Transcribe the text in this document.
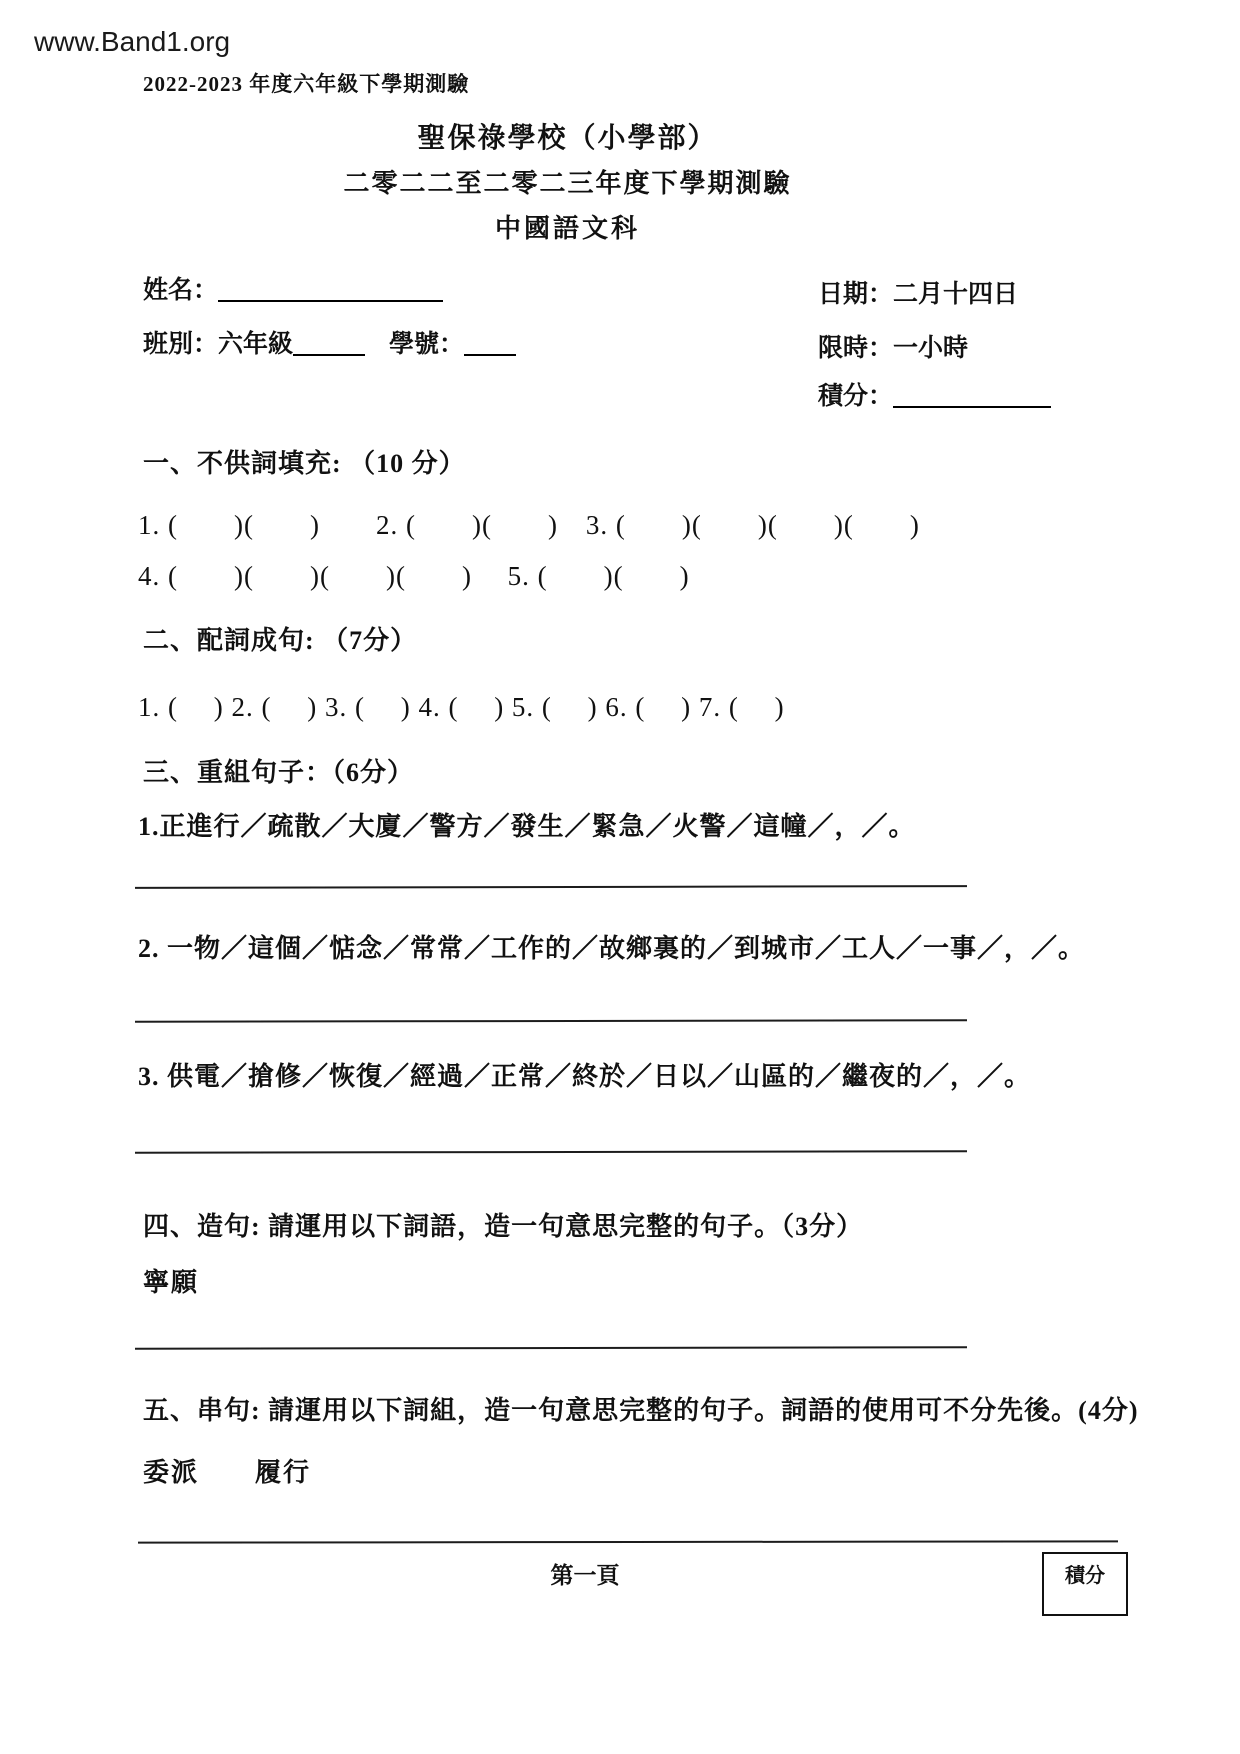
www.Band1.org
2022-2023 年度六年級下學期測驗
聖保祿學校（小學部）
二零二二至二零二三年度下學期測驗
中國語文科
姓名：
班別：六年級	學號：
日期：二月十四日
限時：一小時
積分：
一、不供詞填充: （10 分）
1. (　　)(　　)　　2. (　　)(　　)　3. (　　)(　　)(　　)(　　)
4. (　　)(　　)(　　)(　　)　 5. (　　)(　　)
二、配詞成句: （7分）
1. (　 ) 2. (　 ) 3. (　 ) 4. (　 ) 5. (　 ) 6. (　 ) 7. (　 )
三、重組句子：（6分）
1.正進行／疏散／大廈／警方／發生／緊急／火警／這幢／，／。
2. 一物／這個／惦念／常常／工作的／故鄉裏的／到城市／工人／一事／，／。
3. 供電／搶修／恢復／經過／正常／終於／日以／山區的／繼夜的／，／。
四、造句: 請運用以下詞語，造一句意思完整的句子。（3分）
寧願
五、串句: 請運用以下詞組，造一句意思完整的句子。詞語的使用可不分先後。(4分)
委派　　履行
第一頁	積分
